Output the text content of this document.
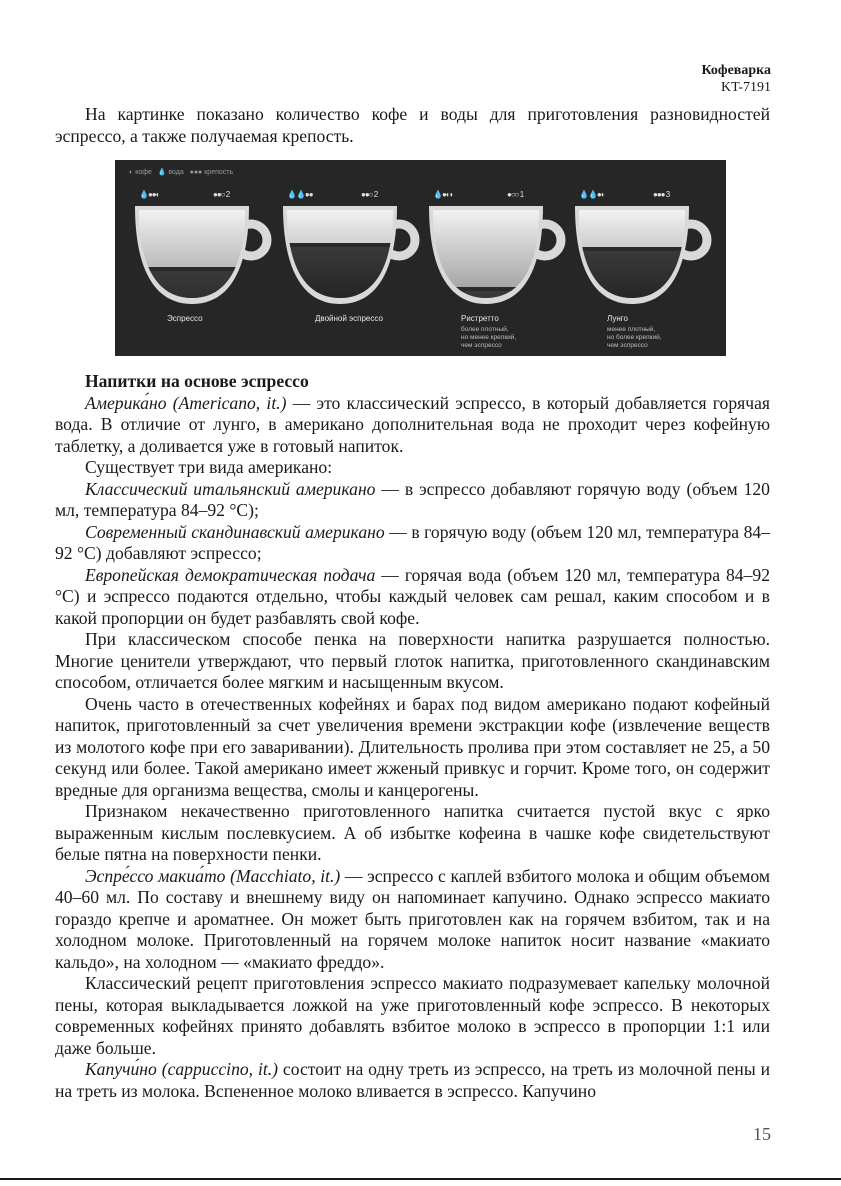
Кофеварка
KT-7191

На картинке показано количество кофе и воды для приготовления разновидностей эспрессо, а также получаемая крепость.

◐ кофе 💧 вода ●●● крепость
💧●●◐	●●○ 2
Эспрессо
💧💧●●	●●○ 2
Двойной эспрессо
💧●◐◐	●○○ 1
Ристретто
более плотный,
но менее крепкий,
чем эспрессо
💧💧●◐	●●● 3
Лунго
менее плотный,
но более крепкий,
чем эспрессо

Напитки на основе эспрессо

Америка́но (Americano, it.) — это классический эспрессо, в который добавляется горячая вода. В отличие от лунго, в американо дополнительная вода не проходит через кофейную таблетку, а доливается уже в готовый напиток.

Существует три вида американо:

Классический итальянский американо — в эспрессо добавляют горячую воду (объем 120 мл, температура 84–92 °C);

Современный скандинавский американо — в горячую воду (объем 120 мл, температура 84–92 °C) добавляют эспрессо;

Европейская демократическая подача — горячая вода (объем 120 мл, температура 84–92 °C) и эспрессо подаются отдельно, чтобы каждый человек сам решал, каким способом и в какой пропорции он будет разбавлять свой кофе.

При классическом способе пенка на поверхности напитка разрушается полностью. Многие ценители утверждают, что первый глоток напитка, приготовленного скандинавским способом, отличается более мягким и насыщенным вкусом.

Очень часто в отечественных кофейнях и барах под видом американо подают кофейный напиток, приготовленный за счет увеличения времени экстракции кофе (извлечение веществ из молотого кофе при его заваривании). Длительность пролива при этом составляет не 25, а 50 секунд или более. Такой американо имеет жженый привкус и горчит. Кроме того, он содержит вредные для организма вещества, смолы и канцерогены.

Признаком некачественно приготовленного напитка считается пустой вкус с ярко выраженным кислым послевкусием. А об избытке кофеина в чашке кофе свидетельствуют белые пятна на поверхности пенки.

Эспре́ссо макиа́то (Macchiato, it.) — эспрессо с каплей взбитого молока и общим объемом 40–60 мл. По составу и внешнему виду он напоминает капучино. Однако эспрессо макиато гораздо крепче и ароматнее. Он может быть приготовлен как на горячем взбитом, так и на холодном молоке. Приготовленный на горячем молоке напиток носит название «макиато кальдо», на холодном — «макиато фреддо».

Классический рецепт приготовления эспрессо макиато подразумевает капельку молочной пены, которая выкладывается ложкой на уже приготовленный кофе эспрессо. В некоторых современных кофейнях принято добавлять взбитое молоко в эспрессо в пропорции 1:1 или даже больше.

Капучи́но (cappuccino, it.) состоит на одну треть из эспрессо, на треть из молочной пены и на треть из молока. Вспененное молоко вливается в эспрессо. Капучино

15
